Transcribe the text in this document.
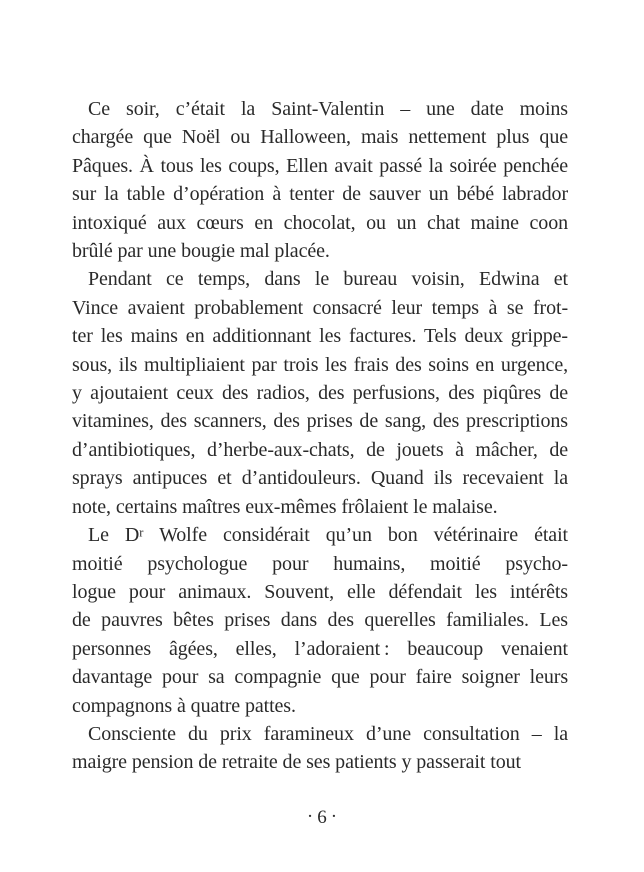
Ce soir, c’était la Saint-Valentin – une date moins
chargée que Noël ou Halloween, mais nettement plus que
Pâques. À tous les coups, Ellen avait passé la soirée penchée
sur la table d’opération à tenter de sauver un bébé labrador
intoxiqué aux cœurs en chocolat, ou un chat maine coon
brûlé par une bougie mal placée.
Pendant ce temps, dans le bureau voisin, Edwina et
Vince avaient probablement consacré leur temps à se frot-
ter les mains en additionnant les factures. Tels deux grippe-
sous, ils multipliaient par trois les frais des soins en urgence,
y ajoutaient ceux des radios, des perfusions, des piqûres de
vitamines, des scanners, des prises de sang, des prescriptions
d’antibiotiques, d’herbe-aux-chats, de jouets à mâcher, de
sprays antipuces et d’antidouleurs. Quand ils recevaient la
note, certains maîtres eux-mêmes frôlaient le malaise.
Le $D^r$ Wolfe considérait qu’un bon vétérinaire était
moitié psychologue pour humains, moitié psycho-
logue pour animaux. Souvent, elle défendait les intérêts
de pauvres bêtes prises dans des querelles familiales. Les
personnes âgées, elles, l’adoraient : beaucoup venaient
davantage pour sa compagnie que pour faire soigner leurs
compagnons à quatre pattes.
Consciente du prix faramineux d’une consultation – la
maigre pension de retraite de ses patients y passerait tout
· 6 ·
